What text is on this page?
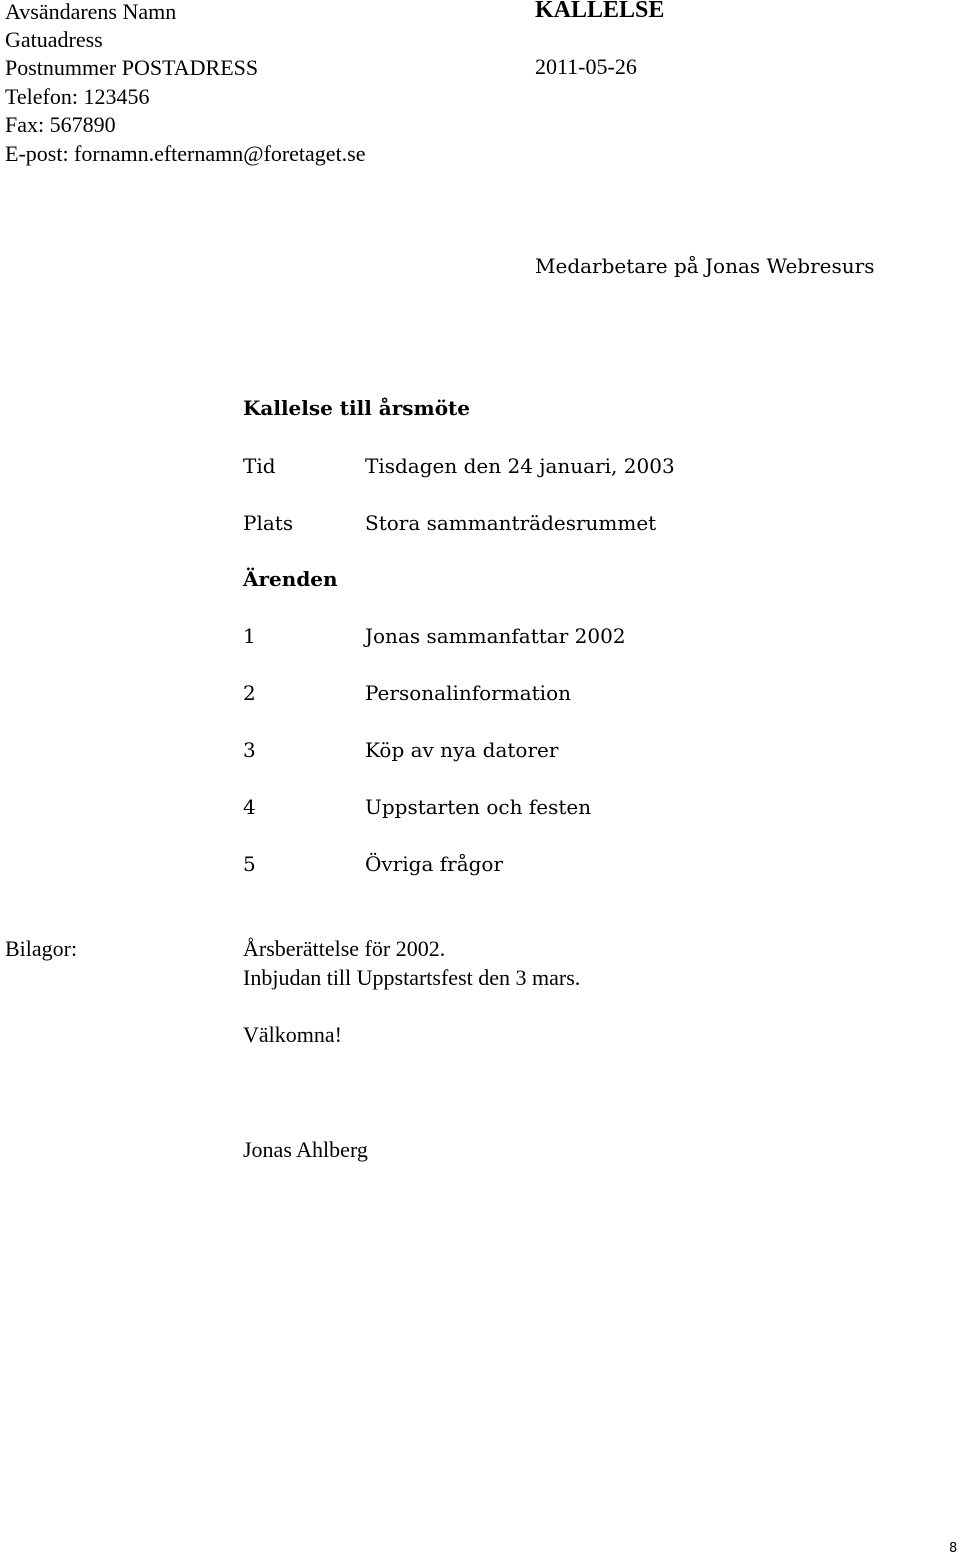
Avsändarens Namn
Gatuadress
Postnummer POSTADRESS
Telefon: 123456
Fax: 567890
E-post: fornamn.efternamn@foretaget.se
KALLELSE
2011-05-26
Medarbetare på Jonas Webresurs
Kallelse till årsmöte
Tid	Tisdagen den 24 januari, 2003
Plats	Stora sammanträdesrummet
Ärenden
1	Jonas sammanfattar 2002
2	Personalinformation
3	Köp av nya datorer
4	Uppstarten och festen
5	Övriga frågor
Bilagor:	Årsberättelse för 2002.
Inbjudan till Uppstartsfest den 3 mars.
Välkomna!
Jonas Ahlberg
8
